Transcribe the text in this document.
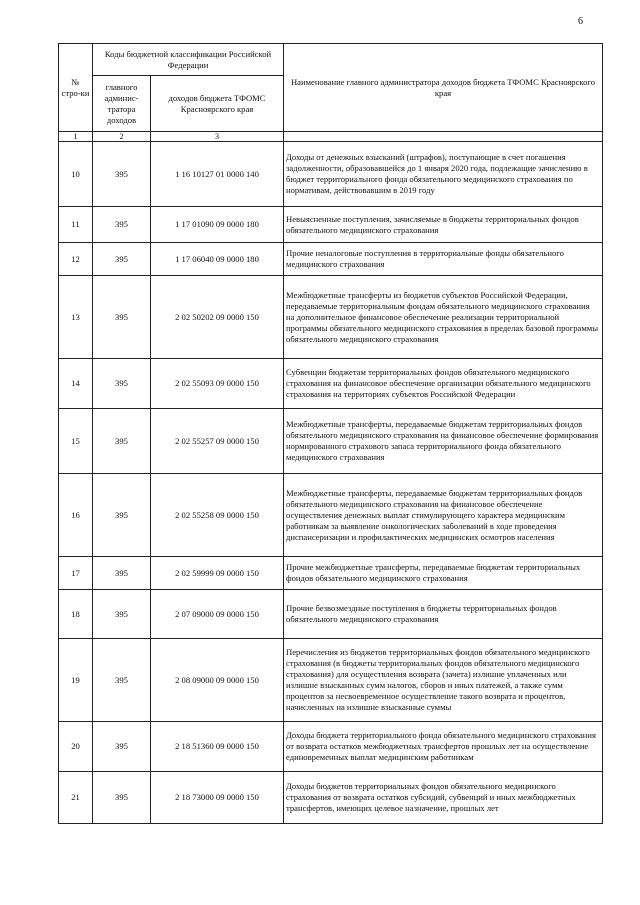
6
№ стро-ки	Коды бюджетной классификации Российской Федерации		Наименование главного администратора доходов бюджета ТФОМС Красноярского края
	главного админис-тратора доходов	доходов бюджета ТФОМС Красноярского края	
1	2	3	
10	395	1 16 10127 01 0000 140	Доходы от денежных взысканий (штрафов), поступающие в счет погашения задолженности, образовавшейся до 1 января 2020 года, подлежащие зачислению в бюджет территориального фонда обязательного медицинского страхования по нормативам, действовавшим в 2019 году
11	395	1 17 01090 09 0000 180	Невыясненные поступления, зачисляемые в бюджеты территориальных фондов обязательного медицинского страхования
12	395	1 17 06040 09 0000 180	Прочие неналоговые поступления в территориальные фонды обязательного медицинского страхования
13	395	2 02 50202 09 0000 150	Межбюджетные трансферты из бюджетов субъектов Российской Федерации, передаваемые территориальным фондам обязательного медицинского страхования на дополнительное финансовое обеспечение реализации территориальной программы обязательного медицинского страхования в пределах базовой программы обязательного медицинского страхования
14	395	2 02 55093 09 0000 150	Субвенции бюджетам территориальных фондов обязательного медицинского страхования на финансовое обеспечение организации обязательного медицинского страхования на территориях субъектов Российской Федерации
15	395	2 02 55257 09 0000 150	Межбюджетные трансферты, передаваемые бюджетам территориальных фондов обязательного медицинского страхования на финансовое обеспечение формирования нормированного страхового запаса территориального фонда обязательного медицинского страхования
16	395	2 02 55258 09 0000 150	Межбюджетные трансферты, передаваемые бюджетам территориальных фондов обязательного медицинского страхования на финансовое обеспечение осуществления денежных выплат стимулирующего характера медицинским работникам за выявление онкологических заболеваний в ходе проведения диспансеризации и профилактических медицинских осмотров населения
17	395	2 02 59999 09 0000 150	Прочие межбюджетные трансферты, передаваемые бюджетам территориальных фондов обязательного медицинского страхования
18	395	2 07 09000 09 0000 150	Прочие безвозмездные поступления в бюджеты территориальных фондов обязательного медицинского страхования
19	395	2 08 09000 09 0000 150	Перечисления из бюджетов территориальных фондов обязательного медицинского страхования (в бюджеты территориальных фондов обязательного медицинского страхования) для осуществления возврата (зачета) излишне уплаченных или излишне взысканных сумм налогов, сборов и иных платежей, а также сумм процентов за несвоевременное осуществление такого возврата и процентов, начисленных на излишне взысканные суммы
20	395	2 18 51360 09 0000 150	Доходы бюджета территориального фонда обязательного медицинского страхования от возврата остатков межбюджетных трансфертов прошлых лет на осуществление единовременных выплат медицинским работникам
21	395	2 18 73000 09 0000 150	Доходы бюджетов территориальных фондов обязательного медицинского страхования от возврата остатков субсидий, субвенций и иных межбюджетных трансфертов, имеющих целевое назначение, прошлых лет
